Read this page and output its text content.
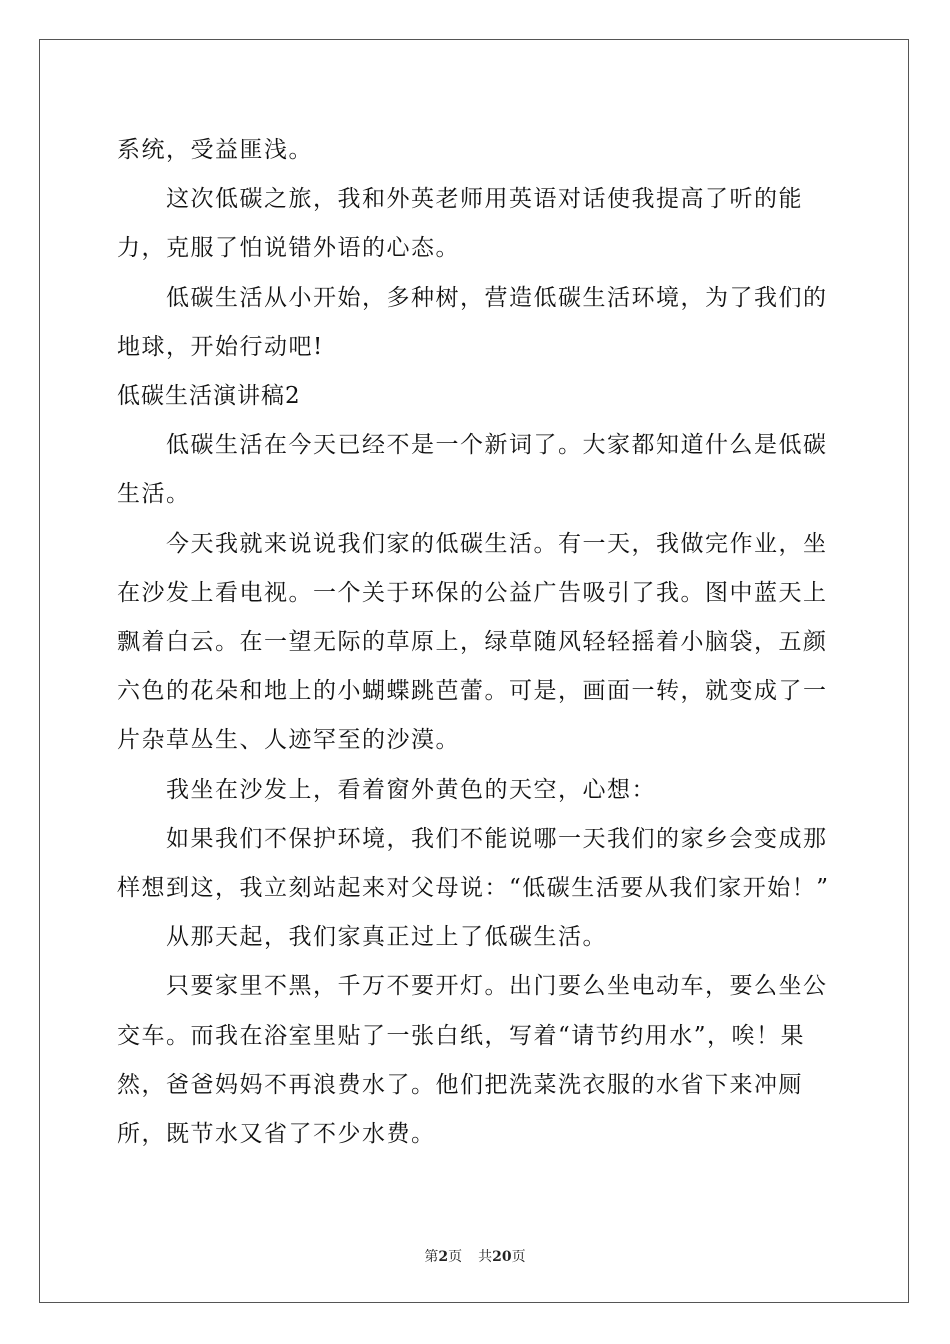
系统，受益匪浅。

这次低碳之旅，我和外英老师用英语对话使我提高了听的能力，克服了怕说错外语的心态。

低碳生活从小开始，多种树，营造低碳生活环境，为了我们的地球，开始行动吧!

低碳生活演讲稿2

低碳生活在今天已经不是一个新词了。大家都知道什么是低碳生活。

今天我就来说说我们家的低碳生活。有一天，我做完作业，坐在沙发上看电视。一个关于环保的公益广告吸引了我。图中蓝天上飘着白云。在一望无际的草原上，绿草随风轻轻摇着小脑袋，五颜六色的花朵和地上的小蝴蝶跳芭蕾。可是，画面一转，就变成了一片杂草丛生、人迹罕至的沙漠。

我坐在沙发上，看着窗外黄色的天空，心想：

如果我们不保护环境，我们不能说哪一天我们的家乡会变成那样想到这，我立刻站起来对父母说：“低碳生活要从我们家开始！”

从那天起，我们家真正过上了低碳生活。

只要家里不黑，千万不要开灯。出门要么坐电动车，要么坐公交车。而我在浴室里贴了一张白纸，写着“请节约用水”，唉！果然，爸爸妈妈不再浪费水了。他们把洗菜洗衣服的水省下来冲厕所，既节水又省了不少水费。

第2页 共20页
